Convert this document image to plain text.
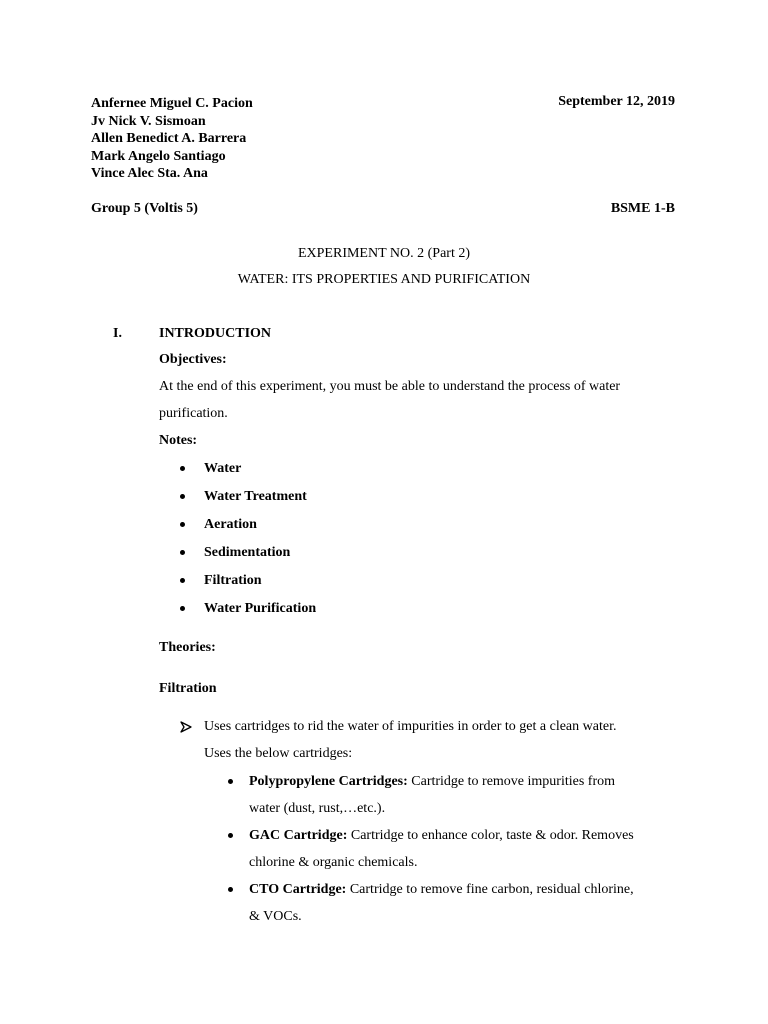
Anfernee Miguel C. Pacion
Jv Nick V. Sismoan
Allen Benedict A. Barrera
Mark Angelo Santiago
Vince Alec Sta. Ana
September 12, 2019
Group 5 (Voltis 5)	BSME 1-B
EXPERIMENT NO. 2 (Part 2)
WATER: ITS PROPERTIES AND PURIFICATION
I.	INTRODUCTION
Objectives:
At the end of this experiment, you must be able to understand the process of water
purification.
Notes:
Water
Water Treatment
Aeration
Sedimentation
Filtration
Water Purification
Theories:
Filtration
Uses cartridges to rid the water of impurities in order to get a clean water.
Uses the below cartridges:
Polypropylene Cartridges: Cartridge to remove impurities from
water (dust, rust,…etc.).
GAC Cartridge: Cartridge to enhance color, taste & odor. Removes
chlorine & organic chemicals.
CTO Cartridge: Cartridge to remove fine carbon, residual chlorine,
& VOCs.
